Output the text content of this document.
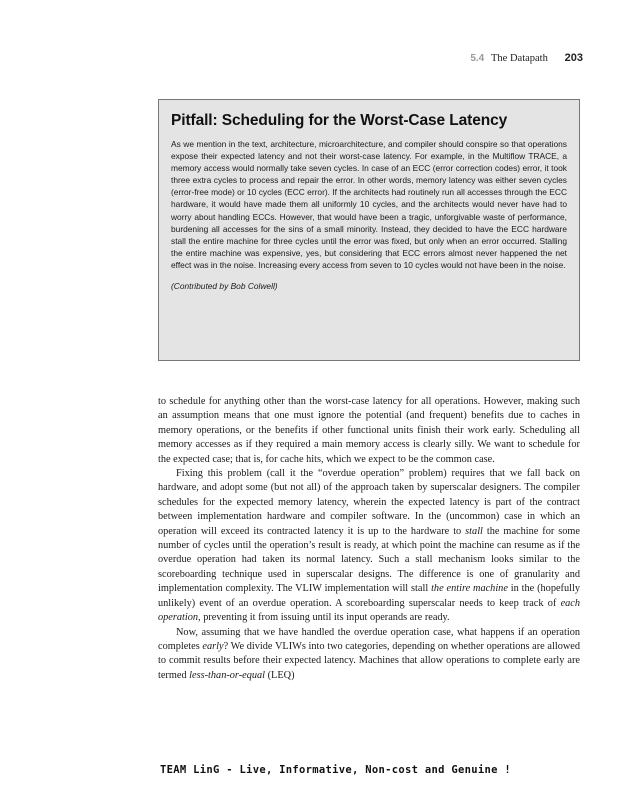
5.4 The Datapath 203
Pitfall: Scheduling for the Worst-Case Latency

As we mention in the text, architecture, microarchitecture, and compiler should conspire so that operations expose their expected latency and not their worst-case latency. For example, in the Multiflow TRACE, a memory access would normally take seven cycles. In case of an ECC (error correction codes) error, it took three extra cycles to process and repair the error. In other words, memory latency was either seven cycles (error-free mode) or 10 cycles (ECC error). If the architects had routinely run all accesses through the ECC hardware, it would have made them all uniformly 10 cycles, and the architects would never have had to worry about handling ECCs. However, that would have been a tragic, unforgivable waste of performance, burdening all accesses for the sins of a small minority. Instead, they decided to have the ECC hardware stall the entire machine for three cycles until the error was fixed, but only when an error occurred. Stalling the entire machine was expensive, yes, but considering that ECC errors almost never happened the net effect was in the noise. Increasing every access from seven to 10 cycles would not have been in the noise.

(Contributed by Bob Colwell)

to schedule for anything other than the worst-case latency for all operations. However, making such an assumption means that one must ignore the potential (and frequent) benefits due to caches in memory operations, or the benefits if other functional units finish their work early. Scheduling all memory accesses as if they required a main memory access is clearly silly. We want to schedule for the expected case; that is, for cache hits, which we expect to be the common case.

Fixing this problem (call it the “overdue operation” problem) requires that we fall back on hardware, and adopt some (but not all) of the approach taken by superscalar designers. The compiler schedules for the expected memory latency, wherein the expected latency is part of the contract between implementation hardware and compiler software. In the (uncommon) case in which an operation will exceed its contracted latency it is up to the hardware to stall the machine for some number of cycles until the operation’s result is ready, at which point the machine can resume as if the overdue operation had taken its normal latency. Such a stall mechanism looks similar to the scoreboarding technique used in superscalar designs. The difference is one of granularity and implementation complexity. The VLIW implementation will stall the entire machine in the (hopefully unlikely) event of an overdue operation. A scoreboarding superscalar needs to keep track of each operation, preventing it from issuing until its input operands are ready.

Now, assuming that we have handled the overdue operation case, what happens if an operation completes early? We divide VLIWs into two categories, depending on whether operations are allowed to commit results before their expected latency. Machines that allow operations to complete early are termed less-than-or-equal (LEQ)

TEAM LinG - Live, Informative, Non-cost and Genuine !
